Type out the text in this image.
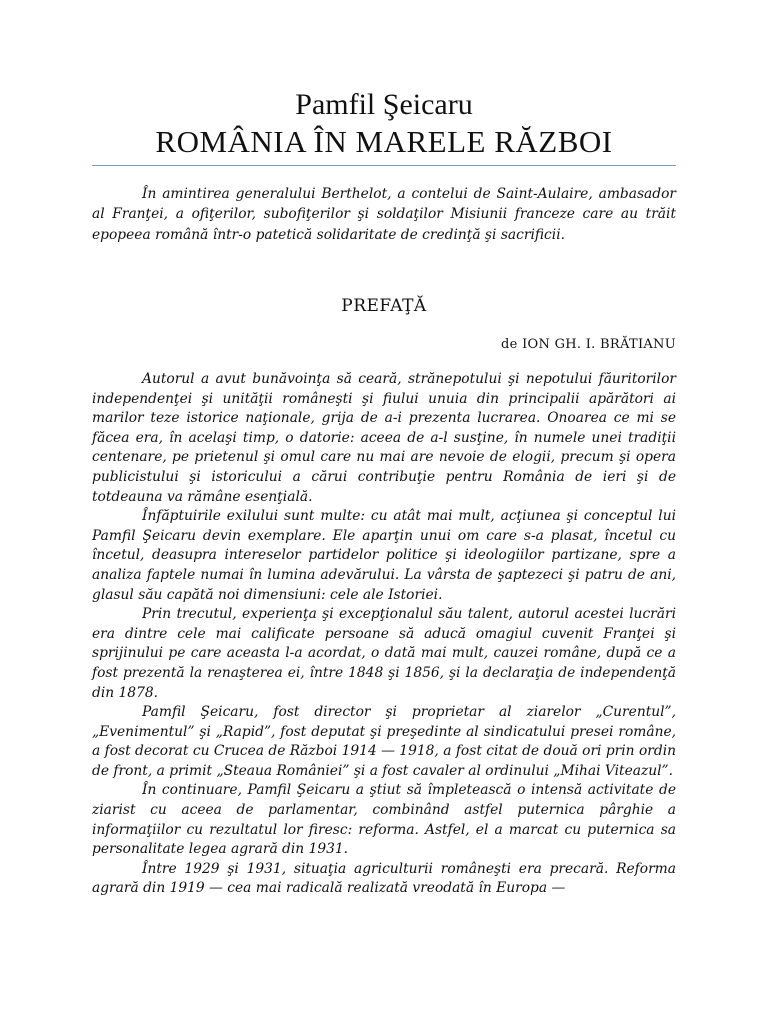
Pamfil Şeicaru
ROMÂNIA ÎN MARELE RĂZBOI
În amintirea generalului Berthelot, a contelui de Saint-Aulaire, ambasador al Franţei, a ofiţerilor, subofiţerilor şi soldaţilor Misiunii franceze care au trăit epopeea română într-o patetică solidaritate de credinţă şi sacrificii.
PREFAŢĂ
de ION GH. I. BRĂTIANU

Autorul a avut bunăvoinţa să ceară, strănepotului şi nepotului făuritorilor independenţei şi unităţii româneşti şi fiului unuia din principalii apărători ai marilor teze istorice naţionale, grija de a-i prezenta lucrarea. Onoarea ce mi se făcea era, în acelaşi timp, o datorie: aceea de a-l susţine, în numele unei tradiţii centenare, pe prietenul şi omul care nu mai are nevoie de elogii, precum şi opera publicistului şi istoricului a cărui contribuţie pentru România de ieri şi de totdeauna va rămâne esenţială.

Înfăptuirile exilului sunt multe: cu atât mai mult, acţiunea şi conceptul lui Pamfil Şeicaru devin exemplare. Ele aparţin unui om care s-a plasat, încetul cu încetul, deasupra intereselor partidelor politice şi ideologiilor partizane, spre a analiza faptele numai în lumina adevărului. La vârsta de şaptezeci şi patru de ani, glasul său capătă noi dimensiuni: cele ale Istoriei.

Prin trecutul, experienţa şi excepţionalul său talent, autorul acestei lucrări era dintre cele mai calificate persoane să aducă omagiul cuvenit Franţei şi sprijinului pe care aceasta l-a acordat, o dată mai mult, cauzei române, după ce a fost prezentă la renaşterea ei, între 1848 şi 1856, şi la declaraţia de independenţă din 1878.

Pamfil Şeicaru, fost director şi proprietar al ziarelor „Curentul”, „Evenimentul” şi „Rapid”, fost deputat şi preşedinte al sindicatului presei române, a fost decorat cu Crucea de Război 1914 — 1918, a fost citat de două ori prin ordin de front, a primit „Steaua României” şi a fost cavaler al ordinului „Mihai Viteazul”.

În continuare, Pamfil Şeicaru a ştiut să împletească o intensă activitate de ziarist cu aceea de parlamentar, combinând astfel puternica pârghie a informaţiilor cu rezultatul lor firesc: reforma. Astfel, el a marcat cu puternica sa personalitate legea agrară din 1931.

Între 1929 şi 1931, situaţia agriculturii româneşti era precară. Reforma agrară din 1919 — cea mai radicală realizată vreodată în Europa —
